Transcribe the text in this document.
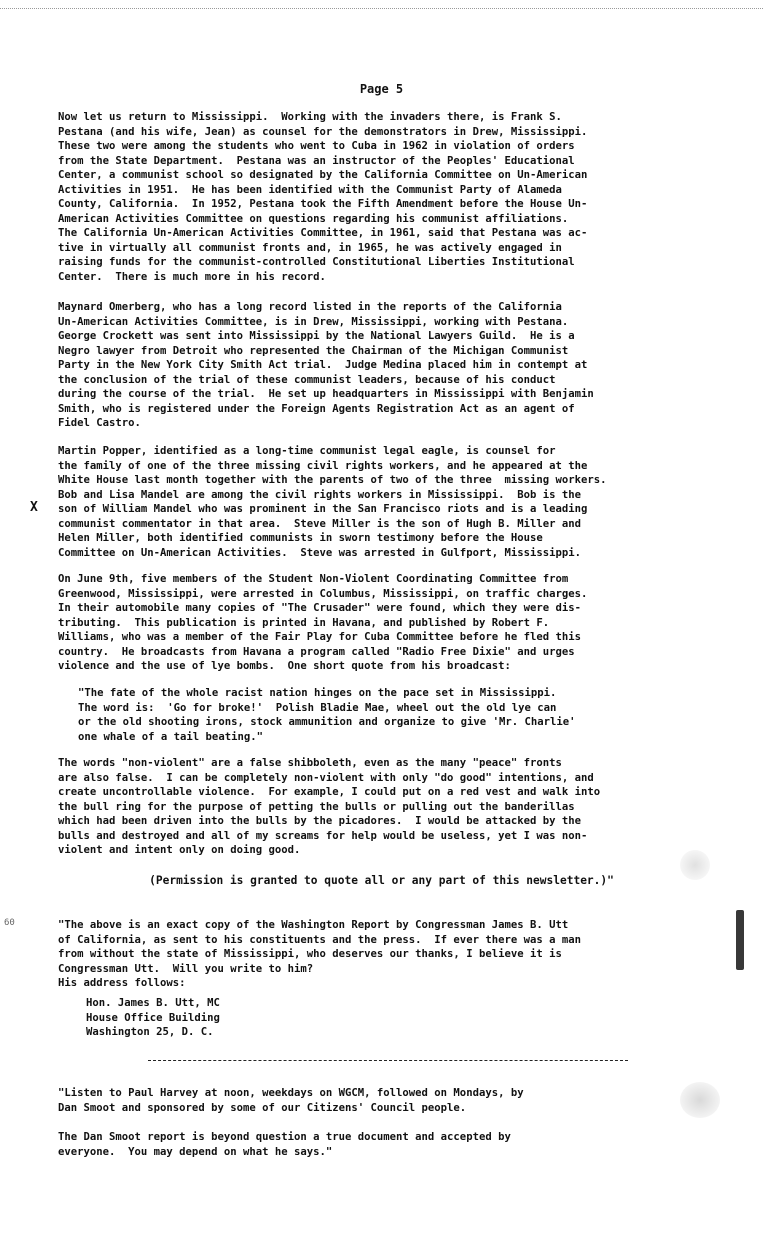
Page 5
Now let us return to Mississippi.  Working with the invaders there, is Frank S.
Pestana (and his wife, Jean) as counsel for the demonstrators in Drew, Mississippi.
These two were among the students who went to Cuba in 1962 in violation of orders
from the State Department.  Pestana was an instructor of the Peoples' Educational
Center, a communist school so designated by the California Committee on Un-American
Activities in 1951.  He has been identified with the Communist Party of Alameda
County, California.  In 1952, Pestana took the Fifth Amendment before the House Un-
American Activities Committee on questions regarding his communist affiliations.
The California Un-American Activities Committee, in 1961, said that Pestana was ac-
tive in virtually all communist fronts and, in 1965, he was actively engaged in
raising funds for the communist-controlled Constitutional Liberties Institutional
Center.  There is much more in his record.
Maynard Omerberg, who has a long record listed in the reports of the California
Un-American Activities Committee, is in Drew, Mississippi, working with Pestana.
George Crockett was sent into Mississippi by the National Lawyers Guild.  He is a
Negro lawyer from Detroit who represented the Chairman of the Michigan Communist
Party in the New York City Smith Act trial.  Judge Medina placed him in contempt at
the conclusion of the trial of these communist leaders, because of his conduct
during the course of the trial.  He set up headquarters in Mississippi with Benjamin
Smith, who is registered under the Foreign Agents Registration Act as an agent of
Fidel Castro.
Martin Popper, identified as a long-time communist legal eagle, is counsel for
the family of one of the three missing civil rights workers, and he appeared at the
White House last month together with the parents of two of the three  missing workers.
Bob and Lisa Mandel are among the civil rights workers in Mississippi.  Bob is the
son of William Mandel who was prominent in the San Francisco riots and is a leading
communist commentator in that area.  Steve Miller is the son of Hugh B. Miller and
Helen Miller, both identified communists in sworn testimony before the House
Committee on Un-American Activities.  Steve was arrested in Gulfport, Mississippi.
On June 9th, five members of the Student Non-Violent Coordinating Committee from
Greenwood, Mississippi, were arrested in Columbus, Mississippi, on traffic charges.
In their automobile many copies of "The Crusader" were found, which they were dis-
tributing.  This publication is printed in Havana, and published by Robert F.
Williams, who was a member of the Fair Play for Cuba Committee before he fled this
country.  He broadcasts from Havana a program called "Radio Free Dixie" and urges
violence and the use of lye bombs.  One short quote from his broadcast:
"The fate of the whole racist nation hinges on the pace set in Mississippi.
The word is:  'Go for broke!'  Polish Bladie Mae, wheel out the old lye can
or the old shooting irons, stock ammunition and organize to give 'Mr. Charlie'
one whale of a tail beating."
The words "non-violent" are a false shibboleth, even as the many "peace" fronts
are also false.  I can be completely non-violent with only "do good" intentions, and
create uncontrollable violence.  For example, I could put on a red vest and walk into
the bull ring for the purpose of petting the bulls or pulling out the banderillas
which had been driven into the bulls by the picadores.  I would be attacked by the
bulls and destroyed and all of my screams for help would be useless, yet I was non-
violent and intent only on doing good.
(Permission is granted to quote all or any part of this newsletter.)"
"The above is an exact copy of the Washington Report by Congressman James B. Utt
of California, as sent to his constituents and the press.  If ever there was a man
from without the state of Mississippi, who deserves our thanks, I believe it is
Congressman Utt.  Will you write to him?
His address follows:
Hon. James B. Utt, MC
House Office Building
Washington 25, D. C.
"Listen to Paul Harvey at noon, weekdays on WGCM, followed on Mondays, by
Dan Smoot and sponsored by some of our Citizens' Council people.
The Dan Smoot report is beyond question a true document and accepted by
everyone.  You may depend on what he says."
X
60
